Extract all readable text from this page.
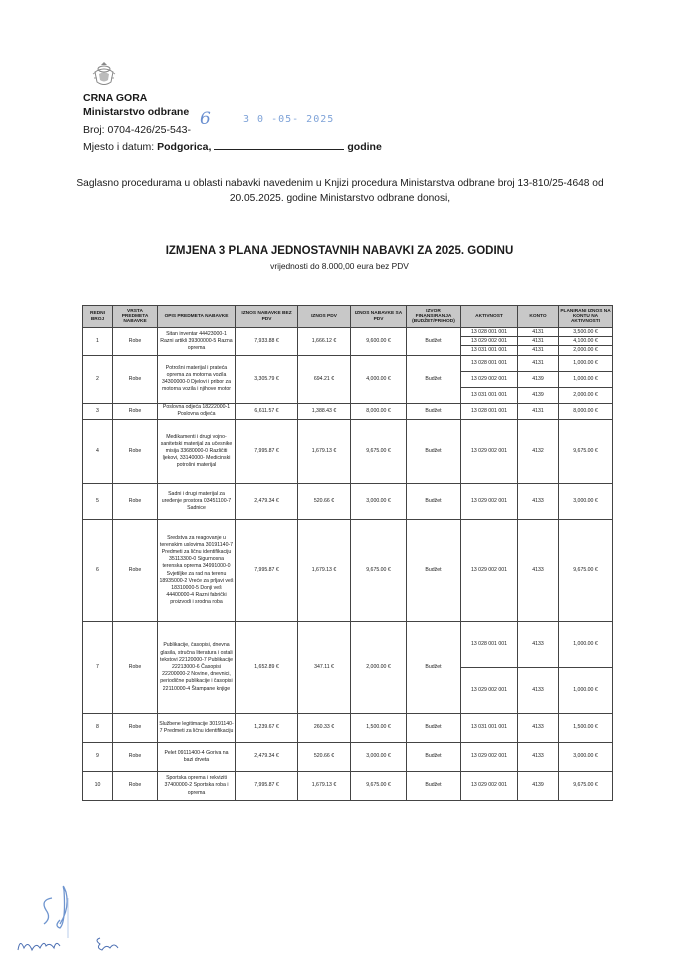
CRNA GORA
Ministarstvo odbrane
Broj: 0704-426/25-543-
6	3 0 -05- 2025
Mjesto i datum: Podgorica,	godine
Saglasno procedurama u oblasti nabavki navedenim u Knjizi procedura Ministarstva odbrane broj 13-810/25-4648 od 20.05.2025. godine Ministarstvo odbrane donosi,
IZMJENA 3 PLANA JEDNOSTAVNIH NABAVKI ZA 2025. GODINU
vrijednosti do 8.000,00 eura bez PDV
REDNI BROJ	VRSTA PREDMETA NABAVKE	OPIS PREDMETA NABAVKE	IZNOS NABAVKE BEZ PDV	IZNOS PDV	IZNOS NABAVKE SA PDV	IZVOR FINANSIRANJA (BUDŽET/PRIHOD)	AKTIVNOST	KONTO	PLANIRANI IZNOS NA KONTU NA AKTIVNOSTI
1	Robe	Sitan inventar 44423000-1 Razni artikli 39300000-5 Razna oprema	7,933.88 €	1,666.12 €	9,600.00 €	Budžet	13 028 001 001	4131	3,500.00 €
							13 029 002 001	4131	4,100.00 €
							13 031 001 001	4131	2,000.00 €
2	Robe	Potrošni materijal i prateća oprema za motorna vozila 34300000-0 Djelovi i pribor za motorna vozila i njihove motor	3,305.79 €	694.21 €	4,000.00 €	Budžet	13 028 001 001	4131	1,000.00 €
							13 029 002 001	4139	1,000.00 €
							13 031 001 001	4139	2,000.00 €
3	Robe	Poslovna odjeća 18222000-1 Poslovna odjeća	6,611.57 €	1,388.43 €	8,000.00 €	Budžet	13 028 001 001	4131	8,000.00 €
4	Robe	Medikamenti i drugi vojno-sanitetski materijal za učesnike misija 33680000-0 Različiti ljekovi, 33140000- Medicinski potrošni materijal	7,995.87 €	1,679.13 €	9,675.00 €	Budžet	13 029 002 001	4132	9,675.00 €
5	Robe	Sadni i drugi materijal za uređenje prostora 03451100-7 Sadnice	2,479.34 €	520.66 €	3,000.00 €	Budžet	13 029 002 001	4133	3,000.00 €
6	Robe	Sredstva za reagovanje u terenskim uslovima 30191140-7 Predmeti za ličnu identifikaciju 35113300-0 Sigurnosna terenska oprema 34991000-0 Svjetiljke za rad na terenu 18935000-2 Vreće za prljavi veš 18310000-5 Donji veš 44400000-4 Razni fabrički proizvodi i srodna roba	7,995.87 €	1,679.13 €	9,675.00 €	Budžet	13 029 002 001	4133	9,675.00 €
7	Robe	Publikacije, časopisi, dnevna glasila, stručna literatura i ostali tekstovi 22120000-7 Publikacije 22213000-6 Časopisi 22200000-2 Novine, dnevnici, periodične publikacije i časopisi 22110000-4 Štampane knjige	1,652.89 €	347.11 €	2,000.00 €	Budžet	13 028 001 001	4133	1,000.00 €
							13 029 002 001	4133	1,000.00 €
8	Robe	Službene legitimacije 30191140-7 Predmeti za ličnu identifikaciju	1,239.67 €	260.33 €	1,500.00 €	Budžet	13 031 001 001	4133	1,500.00 €
9	Robe	Pelet 09111400-4 Goriva na bazi drveta	2,479.34 €	520.66 €	3,000.00 €	Budžet	13 029 002 001	4133	3,000.00 €
10	Robe	Sportska oprema i rekviziti 37400000-2 Sportska roba i oprema	7,995.87 €	1,679.13 €	9,675.00 €	Budžet	13 029 002 001	4139	9,675.00 €
